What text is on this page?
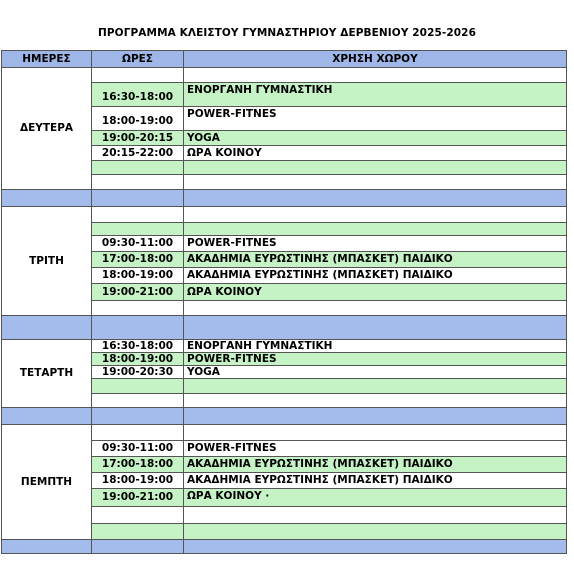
ΠΡΟΓΡΑΜΜΑ ΚΛΕΙΣΤΟΥ ΓΥΜΝΑΣΤΗΡΙΟΥ ΔΕΡΒΕΝΙΟΥ 2025-2026
ΗΜΕΡΕΣ	ΩΡΕΣ	ΧΡΗΣΗ ΧΩΡΟΥ
ΔΕΥΤΕΡΑ		
	16:30-18:00	ΕΝΟΡΓΑΝΗ ΓΥΜΝΑΣΤΙΚΗ
	18:00-19:00	POWER-FITNES
	19:00-20:15	YOGA
	20:15-22:00	ΩΡΑ ΚΟΙΝΟΥ

ΤΡΙΤΗ		

	09:30-11:00	POWER-FITNES
	17:00-18:00	ΑΚΑΔΗΜΙΑ ΕΥΡΩΣΤΙΝΗΣ (ΜΠΑΣΚΕΤ) ΠΑΙΔΙΚΟ
	18:00-19:00	ΑΚΑΔΗΜΙΑ ΕΥΡΩΣΤΙΝΗΣ (ΜΠΑΣΚΕΤ) ΠΑΙΔΙΚΟ
	19:00-21:00	ΩΡΑ ΚΟΙΝΟΥ

ΤΕΤΑΡΤΗ	16:30-18:00	ΕΝΟΡΓΑΝΗ ΓΥΜΝΑΣΤΙΚΗ
	18:00-19:00	POWER-FITNES
	19:00-20:30	YOGA

ΠΕΜΠΤΗ		
	09:30-11:00	POWER-FITNES
	17:00-18:00	ΑΚΑΔΗΜΙΑ ΕΥΡΩΣΤΙΝΗΣ (ΜΠΑΣΚΕΤ) ΠΑΙΔΙΚΟ
	18:00-19:00	ΑΚΑΔΗΜΙΑ ΕΥΡΩΣΤΙΝΗΣ (ΜΠΑΣΚΕΤ) ΠΑΙΔΙΚΟ
	19:00-21:00	ΩΡΑ ΚΟΙΝΟΥ ·
